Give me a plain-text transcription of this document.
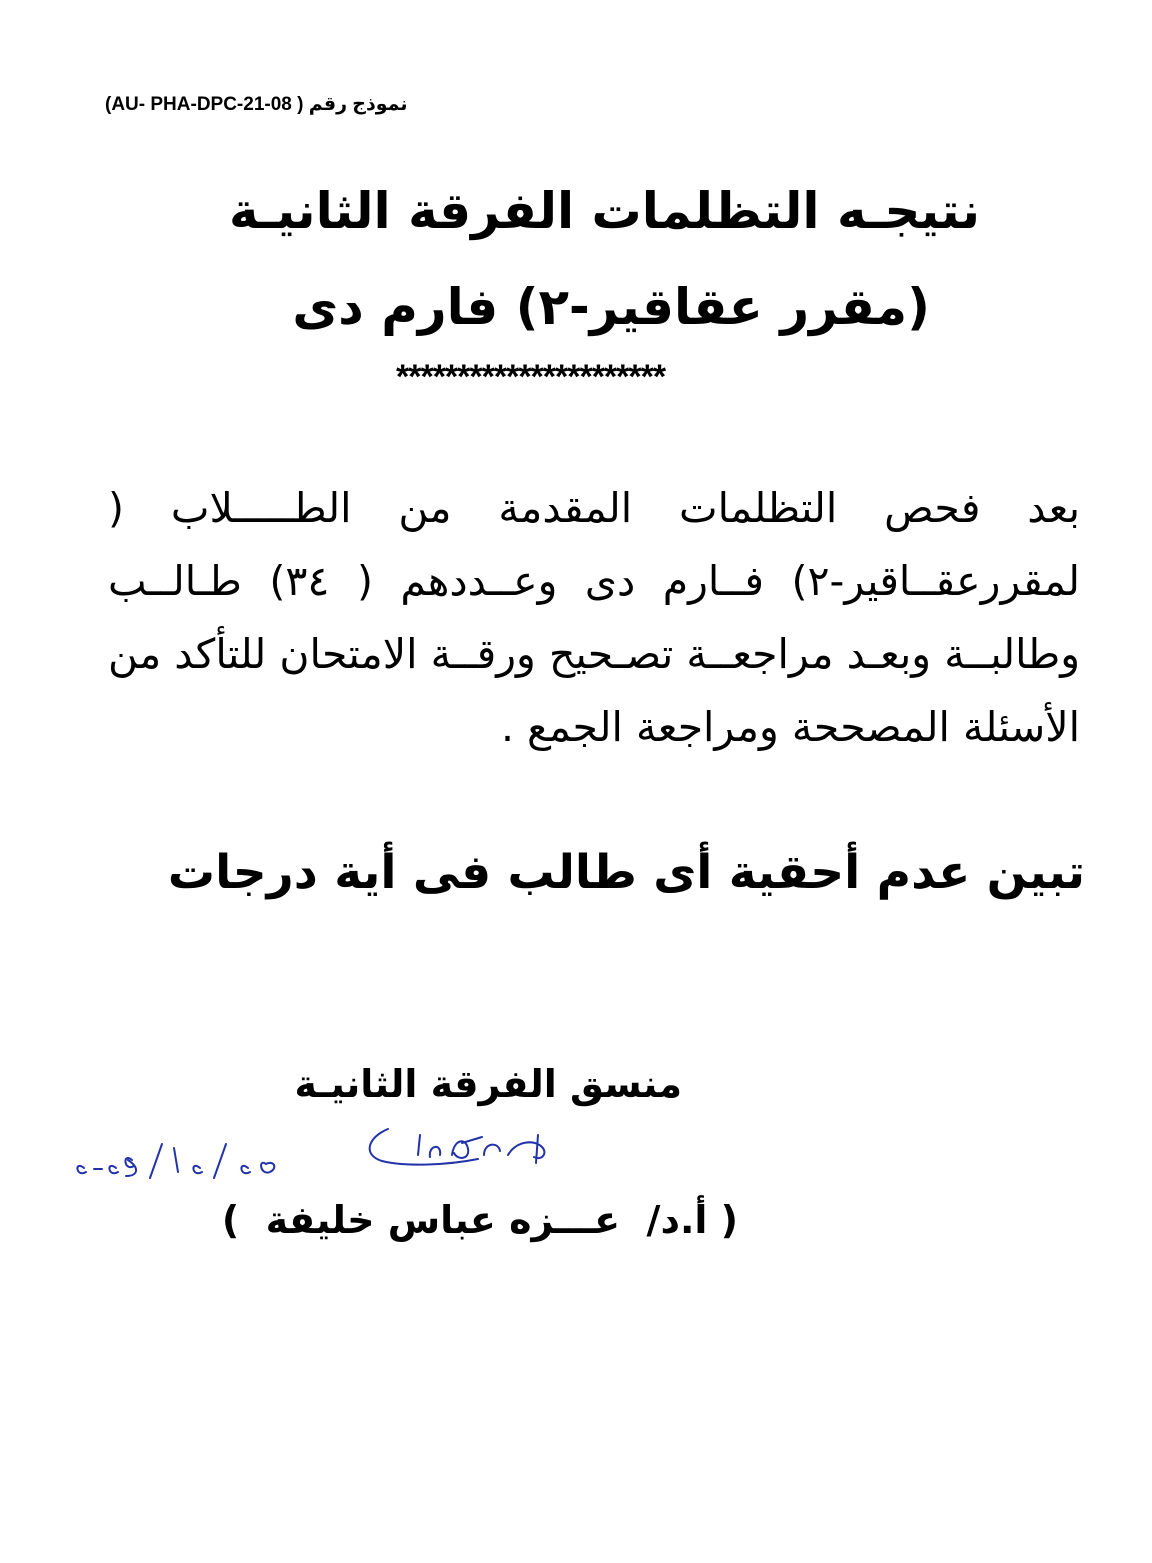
نموذج رقم (AU- PHA-DPC-21-08 )
نتيجـه التظلمات الفرقة الثانيـة
(مقرر عقاقير-٢) فارم دى
**********************
بعد فحص التظلمات المقدمة من الطـــــلاب ( لمقررعقــاقير-٢) فــارم دى وعــددهم ( ٣٤) طـالــب وطالبــة وبعـد مراجعــة تصـحيح ورقــة الامتحان للتأكد من الأسئلة المصححة ومراجعة الجمع .
تبين عدم أحقية أى طالب فى أية درجات
منسق الفرقة الثانيـة
( أ.د/  عـــزه عباس خليفة  )
